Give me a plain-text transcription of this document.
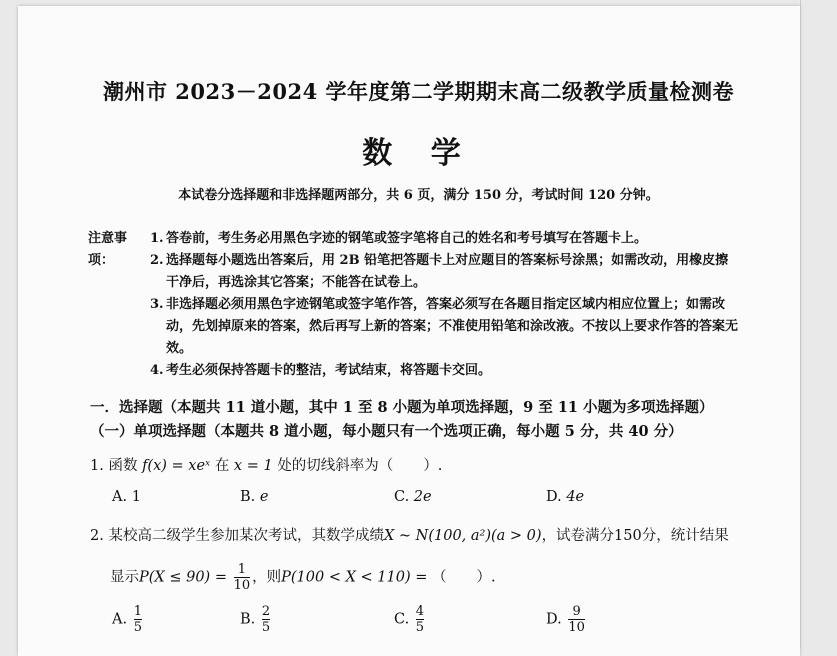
潮州市 2023－2024 学年度第二学期期末高二级教学质量检测卷
数 学
本试卷分选择题和非选择题两部分，共 6 页，满分 150 分，考试时间 120 分钟。
注意事项：
1. 答卷前，考生务必用黑色字迹的钢笔或签字笔将自己的姓名和考号填写在答题卡上。
2. 选择题每小题选出答案后，用 2B 铅笔把答题卡上对应题目的答案标号涂黑；如需改动，用橡皮擦干净后，再选涂其它答案；不能答在试卷上。
3. 非选择题必须用黑色字迹钢笔或签字笔作答，答案必须写在各题目指定区域内相应位置上；如需改动，先划掉原来的答案，然后再写上新的答案；不准使用铅笔和涂改液。不按以上要求作答的答案无效。
4. 考生必须保持答题卡的整洁，考试结束，将答题卡交回。
一．选择题（本题共 11 道小题，其中 1 至 8 小题为单项选择题，9 至 11 小题为多项选择题）
（一）单项选择题（本题共 8 道小题，每小题只有一个选项正确，每小题 5 分，共 40 分）
1. 函数 f(x) = xeˣ 在 x = 1 处的切线斜率为（ ）.
A. 1	B. e	C. 2e	D. 4e
2. 某校高二级学生参加某次考试，其数学成绩X ~ N(100, a²)(a > 0)，试卷满分150分，统计结果
显示$P(X \le 90) = \frac{1}{10}$ ，则P(100 < X < 110) = （ ）.
A. $\frac{1}{5}$	B. $\frac{2}{5}$	C. $\frac{4}{5}$	D. $\frac{9}{10}$
